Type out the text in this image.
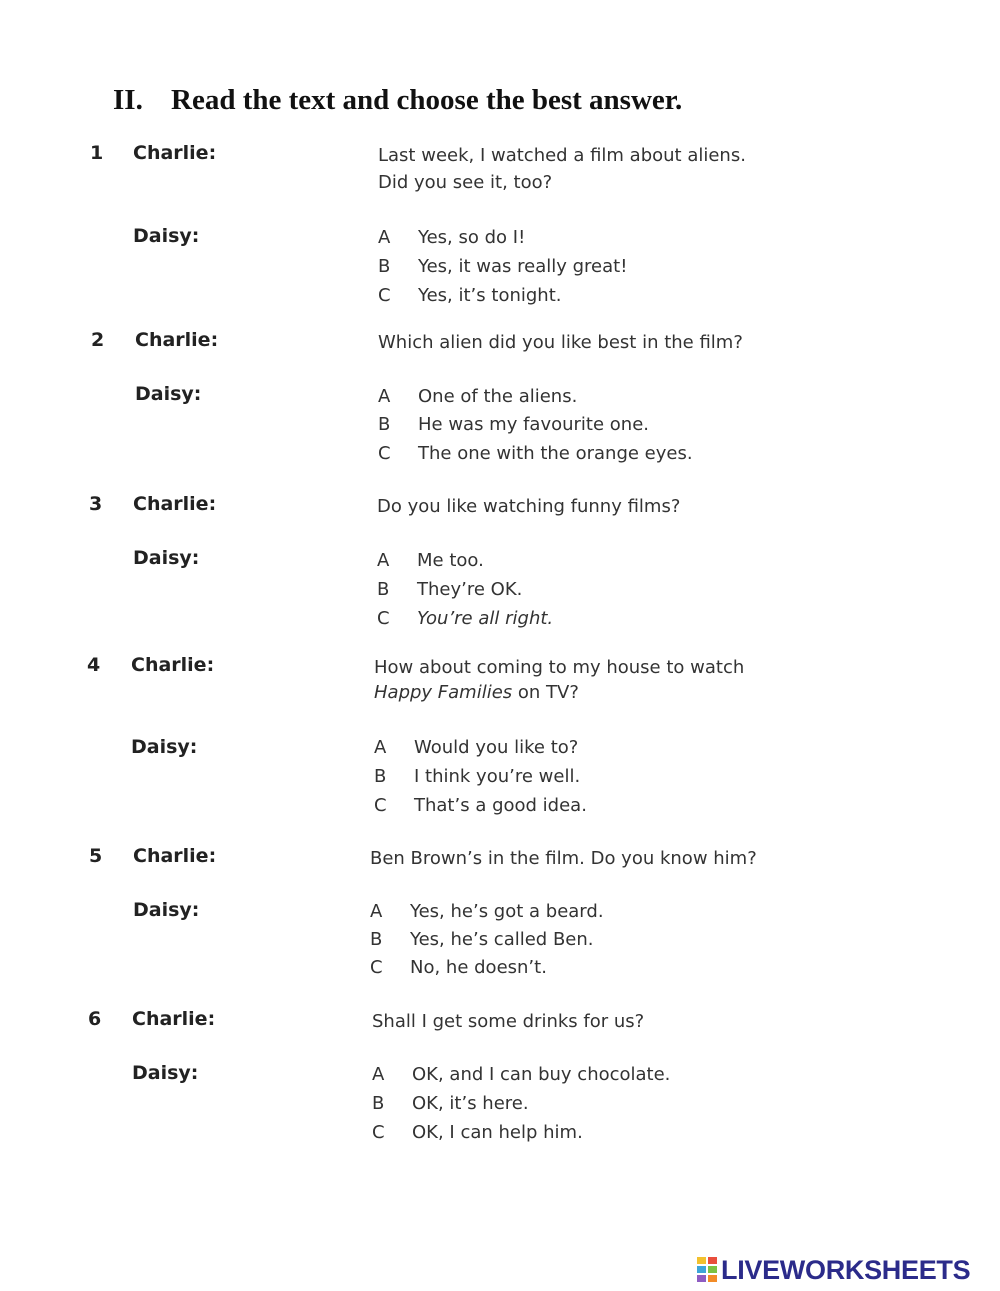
II. Read the text and choose the best answer.
1 Charlie:	Last week, I watched a film about aliens.
Did you see it, too?
Daisy:	A Yes, so do I!
B Yes, it was really great!
C Yes, it’s tonight.
2 Charlie:	Which alien did you like best in the film?
Daisy:	A One of the aliens.
B He was my favourite one.
C The one with the orange eyes.
3 Charlie:	Do you like watching funny films?
Daisy:	A Me too.
B They’re OK.
C You’re all right.
4 Charlie:	How about coming to my house to watch
Happy Families on TV?
Daisy:	A Would you like to?
B I think you’re well.
C That’s a good idea.
5 Charlie:	Ben Brown’s in the film. Do you know him?
Daisy:	A Yes, he’s got a beard.
B Yes, he’s called Ben.
C No, he doesn’t.
6 Charlie:	Shall I get some drinks for us?
Daisy:	A OK, and I can buy chocolate.
B OK, it’s here.
C OK, I can help him.
LIVEWORKSHEETS
